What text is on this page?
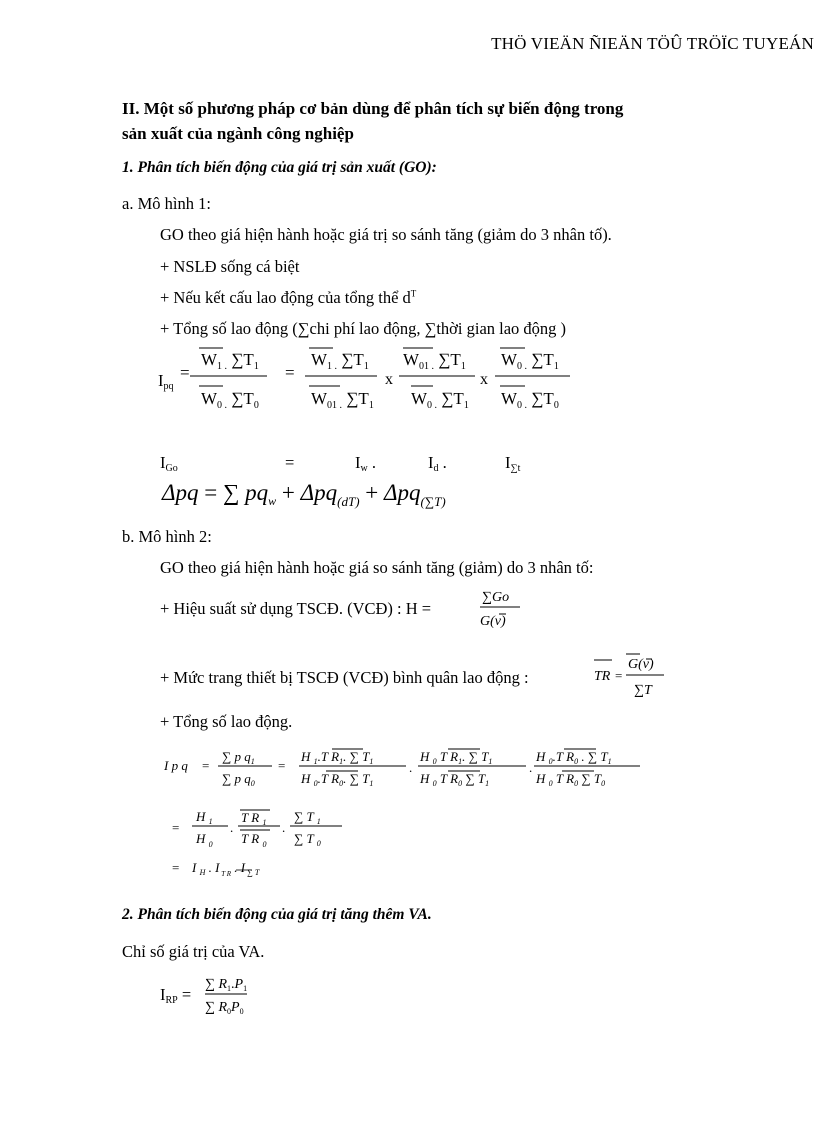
THÖ VIEÄN ÑIEÄN TÖÛ TRÖÏC TUYEÁN
II. Một số phương pháp cơ bản dùng để phân tích sự biến động trong
sản xuất của ngành công nghiệp
1. Phân tích biến động của giá trị sản xuất (GO):
a. Mô hình 1:
GO theo giá hiện hành hoặc giá trị so sánh tăng (giảm do 3 nhân tố).
+ NSLĐ sống cá biệt
+ Nếu kết cấu lao động của tổng thể $d^T$
+ Tổng số lao động (∑chi phí lao động, ∑thời gian lao động )
$I_{pq}$
=
$W_{1 .}$ $\sum T_1$
$W_{0 .}$ $\sum T_0$
=
$W_{1 .}$ $\sum T_1$
$W_{01 .}$ $\sum T_1$
x
$W_{01 .}$ $\sum T_1$
$W_{0 .}$ $\sum T_1$
x
$W_{0 .}$ $\sum T_1$
$W_{0 .}$ $\sum T_0$
$I_{Go}$	=	$I_w$ .	$I_d$ .	$I_{\sum t}$
Δpq = ∑ $pq_w + \Delta pq_{(dT)} + \Delta pq_{(\sum T)}$
b. Mô hình 2:
GO theo giá hiện hành hoặc giá so sánh tăng (giảm) do 3 nhân tố:
+ Hiệu suất sử dụng TSCĐ. (VCĐ) : H =
∑Go
G(v)
+ Mức trang thiết bị TSCĐ (VCĐ) bình quân lao động :	TR =
G(v)
∑T
+ Tổng số lao động.
I p q =
∑ p $q_1$
∑ p $q_0$
=
H $_1$.T $R_1$. ∑ $T_1$
H $_0$.T $R_0$. ∑ $T_1$
.
H $_0$ T $R_1$. ∑ $T_1$
H $_0$ T $R_0$ ∑ $T_1$
.
H $_0$.T $R_0$ . ∑ $T_1$
H $_0$ T $R_0$ ∑ $T_0$
=
H $_1$
H $_0$
.
T R $_1$
T R $_0$
.
∑ T $_1$
∑ T $_0$
= I $_H$ . I $_{T R}$ . I $_{\sum T}$
2. Phân tích biến động của giá trị tăng thêm VA.
Chỉ số giá trị của VA.
$I_{RP}$ =
∑ $R_1.P_1$
∑ $R_0P_0$
